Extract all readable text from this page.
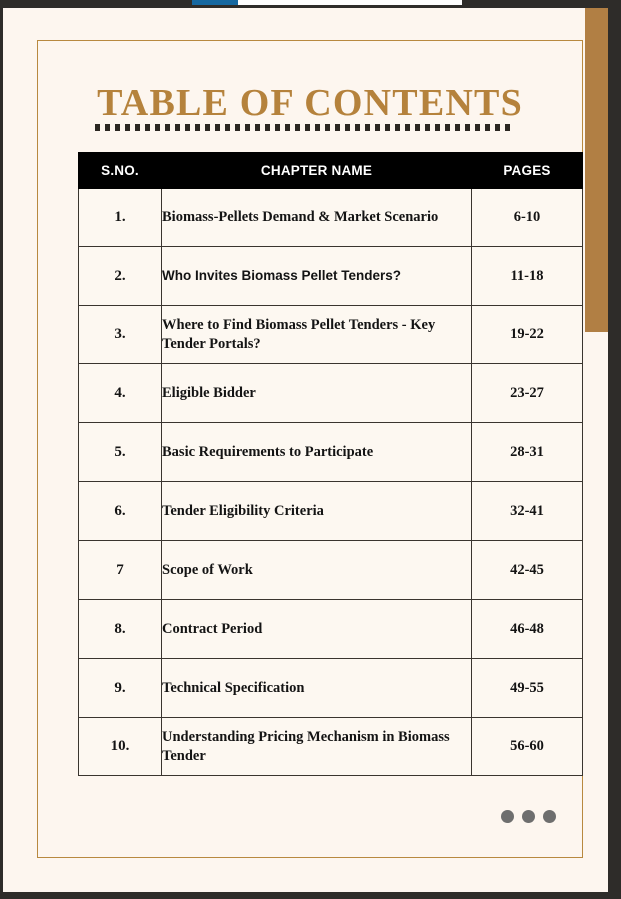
TABLE OF CONTENTS
S.NO.	CHAPTER NAME	PAGES
1.	Biomass-Pellets Demand & Market Scenario	6-10
2.	Who Invites Biomass Pellet Tenders?	11-18
3.	Where to Find Biomass Pellet Tenders - Key Tender Portals?	19-22
4.	Eligible Bidder	23-27
5.	Basic Requirements to Participate	28-31
6.	Tender Eligibility Criteria	32-41
7	Scope of Work	42-45
8.	Contract Period	46-48
9.	Technical Specification	49-55
10.	Understanding Pricing Mechanism in Biomass Tender	56-60
